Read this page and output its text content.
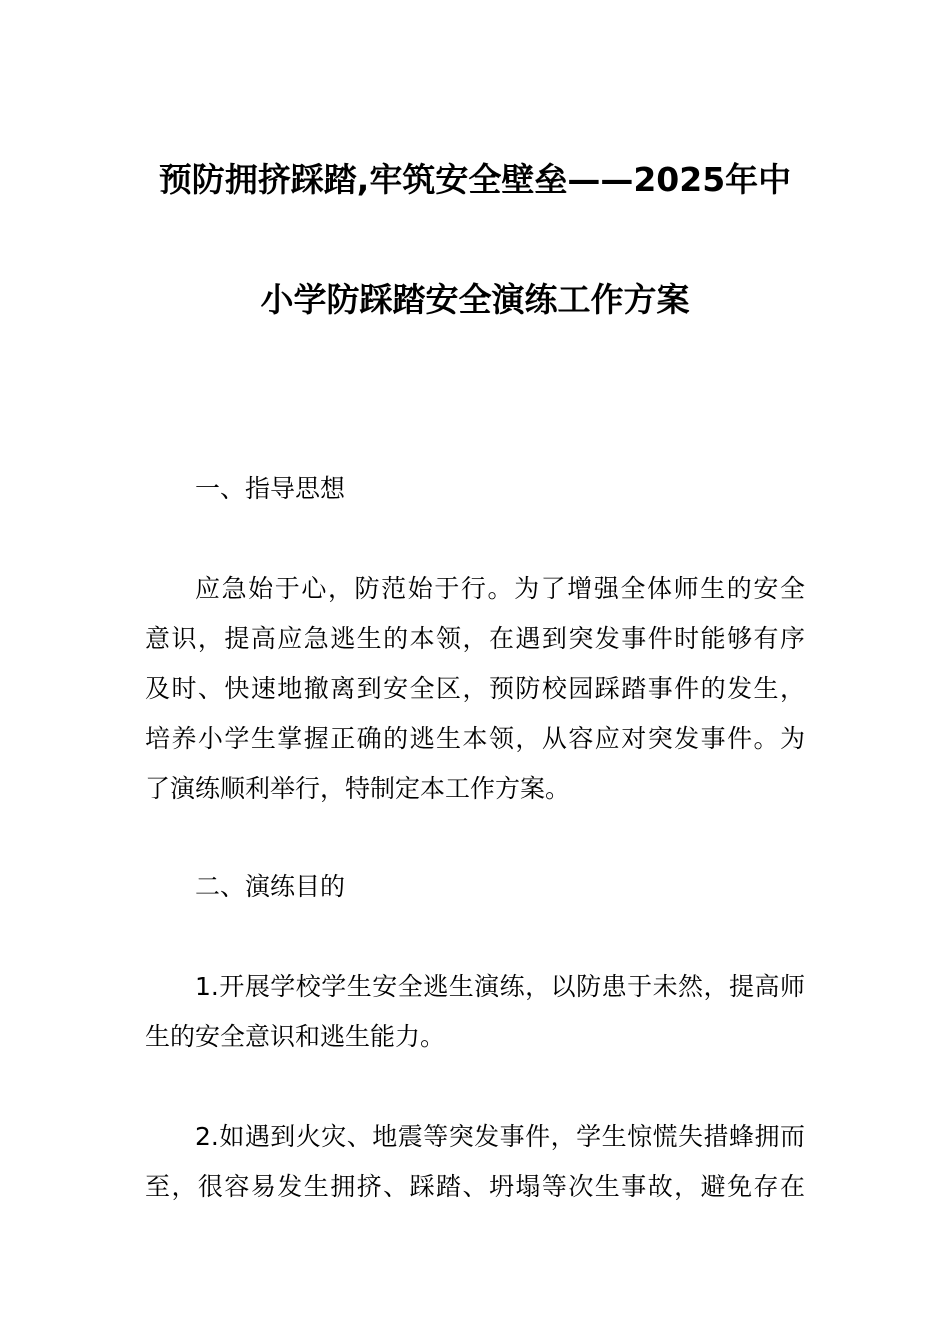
预防拥挤踩踏,牢筑安全壁垒——2025年中
小学防踩踏安全演练工作方案
一、指导思想
应急始于心，防范始于行。为了增强全体师生的安全
意识，提高应急逃生的本领，在遇到突发事件时能够有序
及时、快速地撤离到安全区，预防校园踩踏事件的发生，
培养小学生掌握正确的逃生本领，从容应对突发事件。为
了演练顺利举行，特制定本工作方案。
二、演练目的
1.开展学校学生安全逃生演练，以防患于未然，提高师
生的安全意识和逃生能力。
2.如遇到火灾、地震等突发事件，学生惊慌失措蜂拥而
至，很容易发生拥挤、踩踏、坍塌等次生事故，避免存在
